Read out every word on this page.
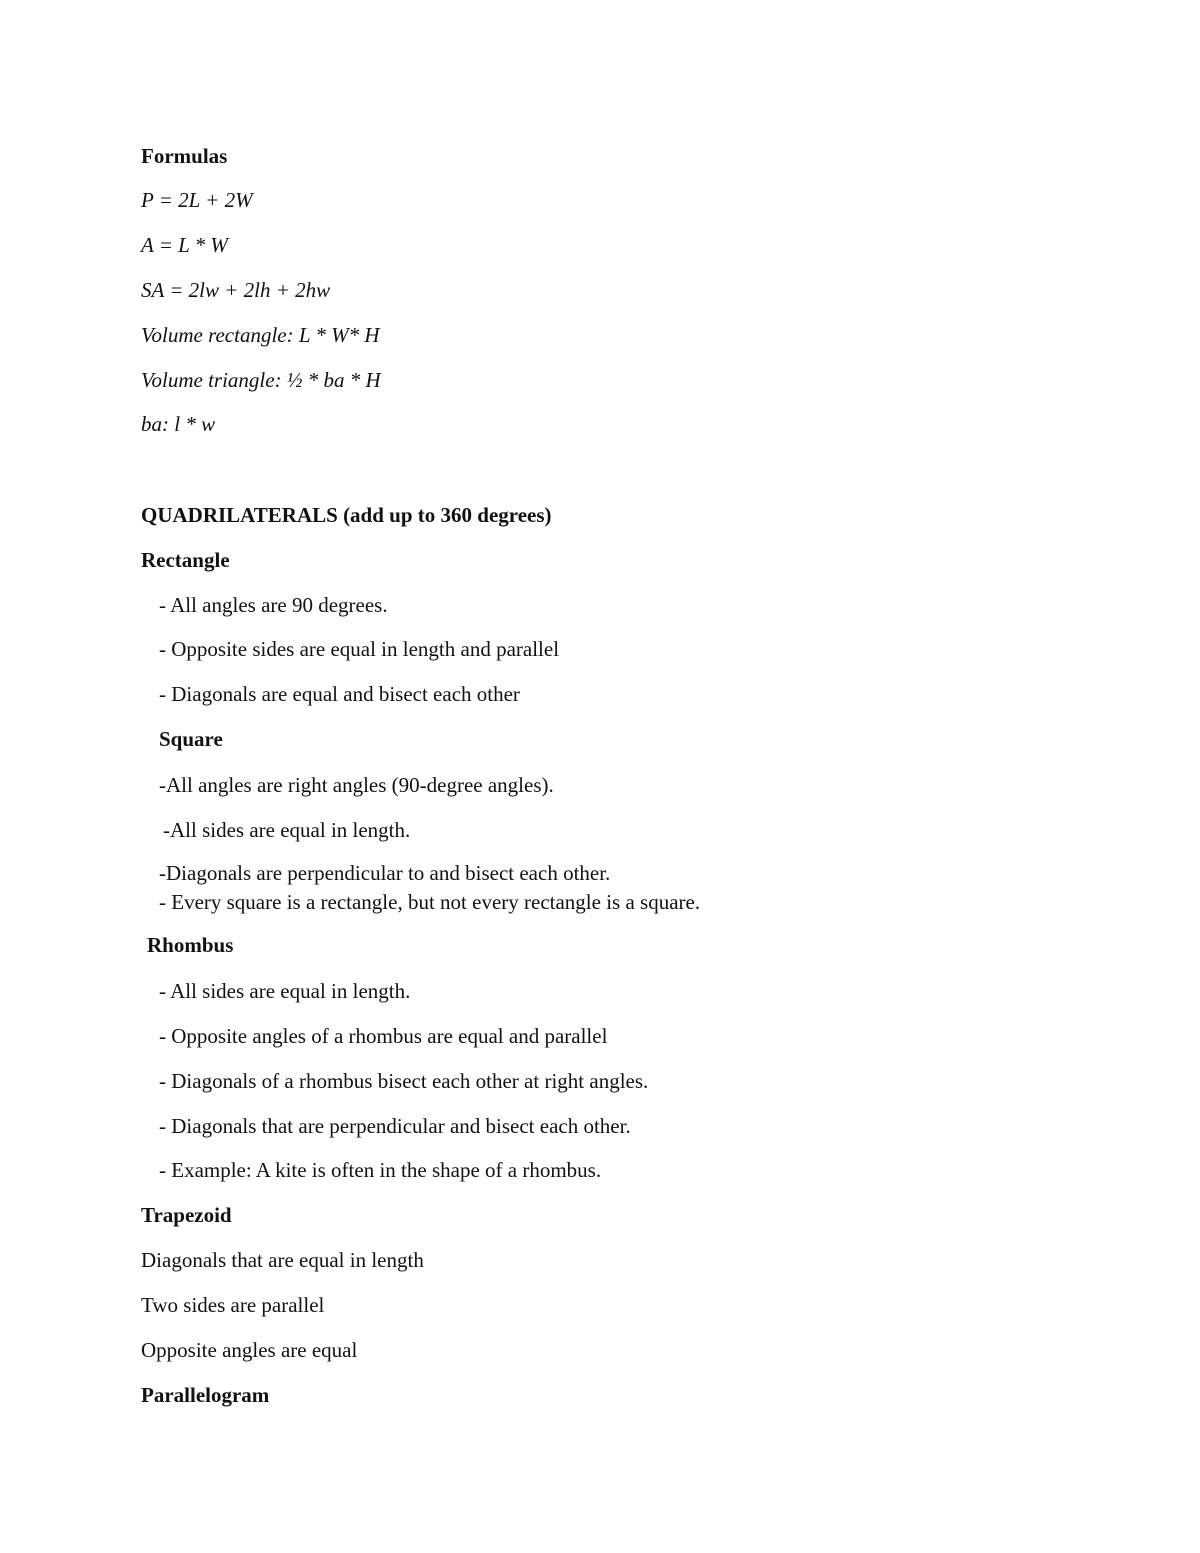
Formulas
P = 2L + 2W
A = L * W
SA = 2lw + 2lh + 2hw
Volume rectangle: L * W* H
Volume triangle: ½ * ba * H
ba: l * w
QUADRILATERALS (add up to 360 degrees)
Rectangle
- All angles are 90 degrees.
- Opposite sides are equal in length and parallel
- Diagonals are equal and bisect each other
Square
-All angles are right angles (90-degree angles).
-All sides are equal in length.
-Diagonals are perpendicular to and bisect each other.
- Every square is a rectangle, but not every rectangle is a square.
Rhombus
- All sides are equal in length.
- Opposite angles of a rhombus are equal and parallel
- Diagonals of a rhombus bisect each other at right angles.
- Diagonals that are perpendicular and bisect each other.
- Example: A kite is often in the shape of a rhombus.
Trapezoid
Diagonals that are equal in length
Two sides are parallel
Opposite angles are equal
Parallelogram
